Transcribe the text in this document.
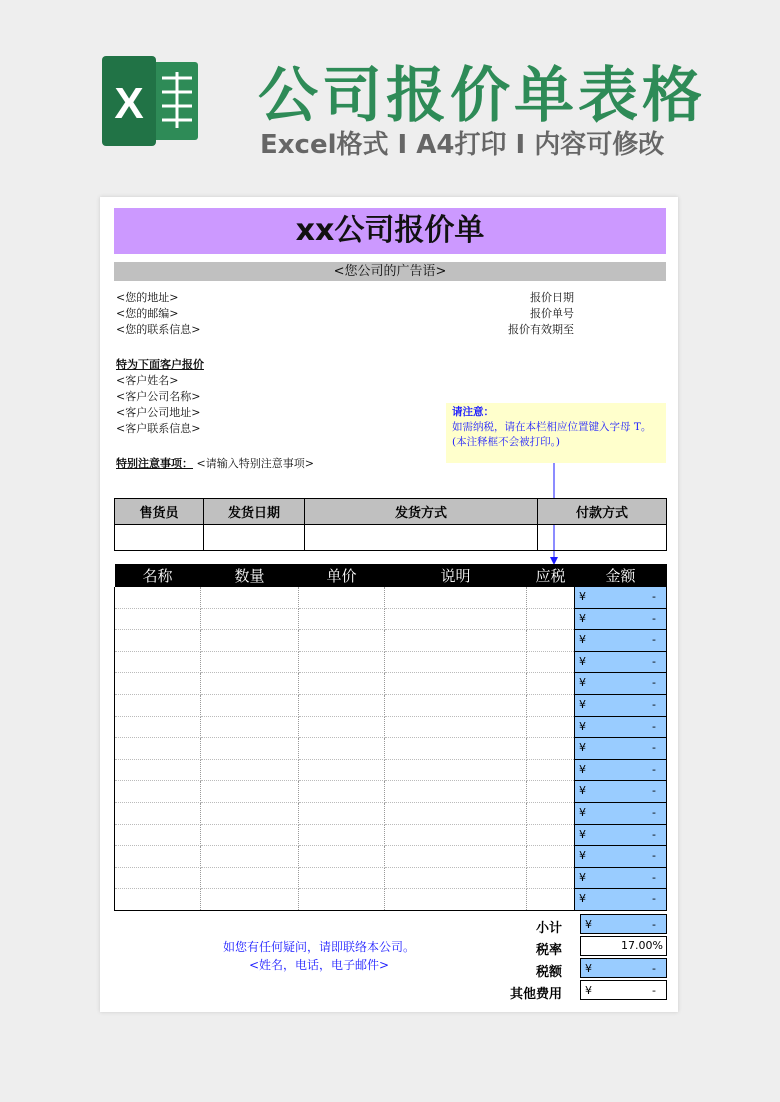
X 公司报价单表格
Excel格式 I A4打印 I 内容可修改
xx公司报价单
<您公司的广告语>
<您的地址>
<您的邮编>
<您的联系信息>
报价日期
报价单号
报价有效期至
特为下面客户报价
<客户姓名>
<客户公司名称>
<客户公司地址>
<客户联系信息>
特别注意事项： <请输入特别注意事项>
请注意：
如需纳税，请在本栏相应位置键入字母 T。
(本注释框不会被打印。)
售货员	发货日期	发货方式	付款方式

名称	数量	单价	说明	应税	金额

					¥ -

					¥ -

					¥ -

					¥ -

					¥ -

					¥ -

					¥ -

					¥ -

					¥ -

					¥ -

					¥ -

					¥ -

					¥ -

					¥ -

					¥ -
小计 ¥	-
税率	17.00%
税额 ¥	-
其他费用 ¥	-
如您有任何疑问，请即联络本公司。
<姓名，电话，电子邮件>
